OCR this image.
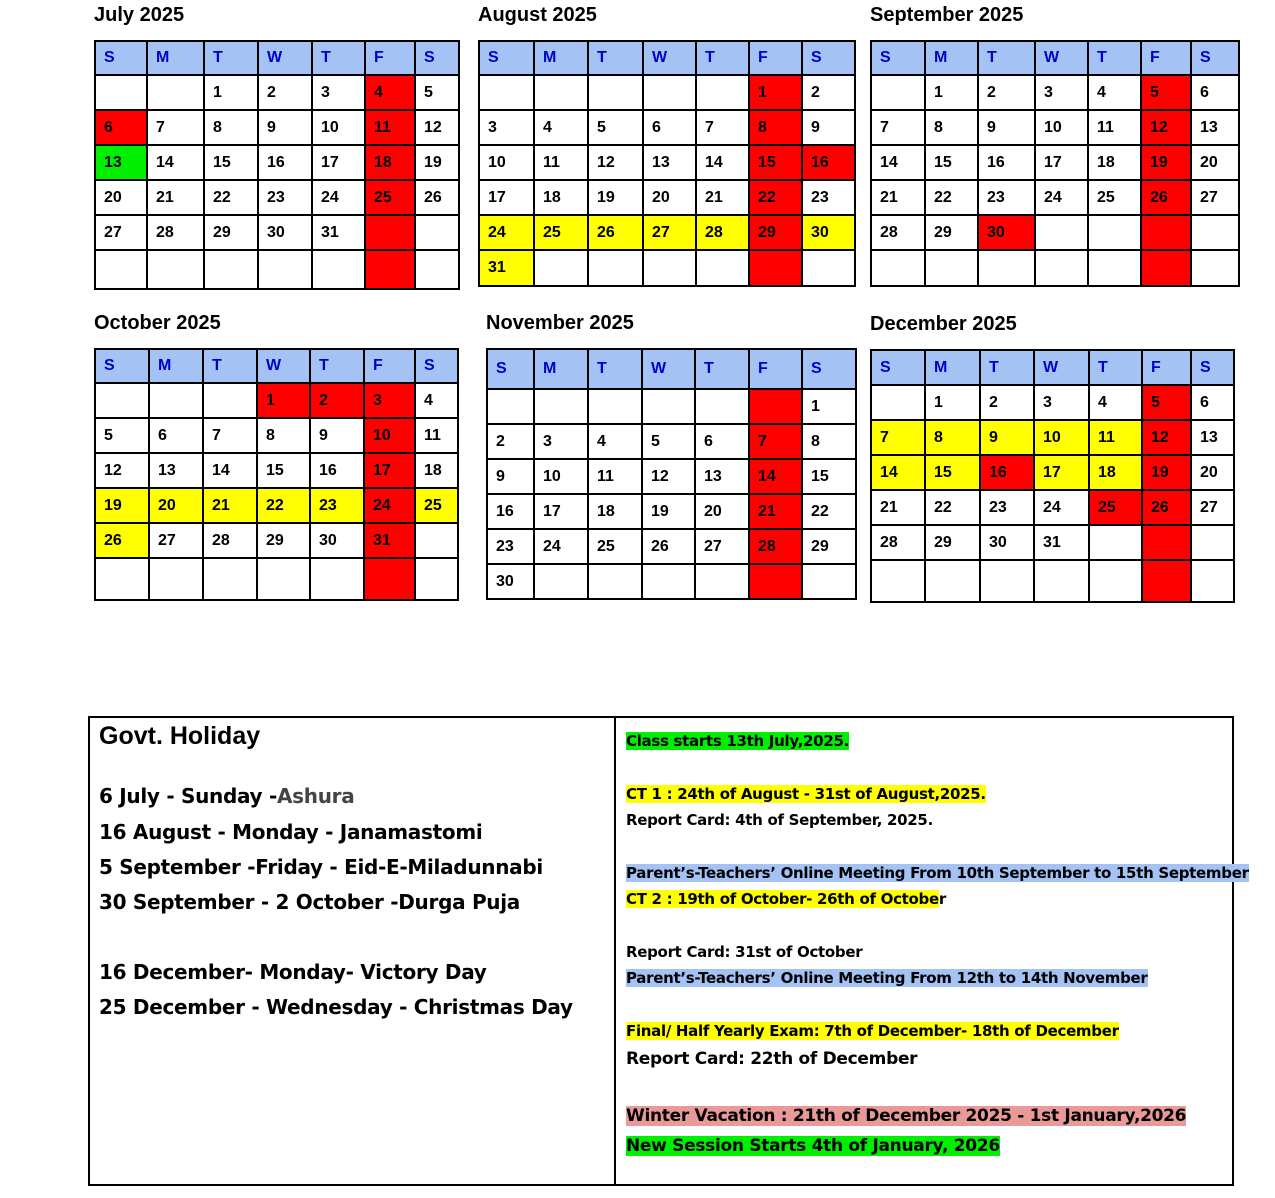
July 2025
S	M	T	W	T	F	S
		1	2	3	4	5
6	7	8	9	10	11	12
13	14	15	16	17	18	19
20	21	22	23	24	25	26
27	28	29	30	31		

August 2025
S	M	T	W	T	F	S
					1	2
3	4	5	6	7	8	9
10	11	12	13	14	15	16
17	18	19	20	21	22	23
24	25	26	27	28	29	30
31						
September 2025
S	M	T	W	T	F	S
	1	2	3	4	5	6
7	8	9	10	11	12	13
14	15	16	17	18	19	20
21	22	23	24	25	26	27
28	29	30				

October 2025
S	M	T	W	T	F	S
			1	2	3	4
5	6	7	8	9	10	11
12	13	14	15	16	17	18
19	20	21	22	23	24	25
26	27	28	29	30	31	

November 2025
S	M	T	W	T	F	S
						1
2	3	4	5	6	7	8
9	10	11	12	13	14	15
16	17	18	19	20	21	22
23	24	25	26	27	28	29
30						
December 2025
S	M	T	W	T	F	S
	1	2	3	4	5	6
7	8	9	10	11	12	13
14	15	16	17	18	19	20
21	22	23	24	25	26	27
28	29	30	31			

Govt. Holiday
6 July - Sunday -Ashura
16 August - Monday - Janamastomi
5 September -Friday - Eid-E-Miladunnabi
30 September - 2 October -Durga Puja
16 December- Monday- Victory Day
25 December - Wednesday - Christmas Day
Class starts 13th July,2025.
CT 1 : 24th of August - 31st of August,2025.
Report Card: 4th of September, 2025.
Parent’s-Teachers’ Online Meeting From 10th September to 15th September
CT 2 : 19th of October- 26th of October
Report Card: 31st of October
Parent’s-Teachers’ Online Meeting From 12th to 14th November
Final/ Half Yearly Exam: 7th of December- 18th of December
Report Card: 22th of December
Winter Vacation : 21th of December 2025 - 1st January,2026
New Session Starts 4th of January, 2026
